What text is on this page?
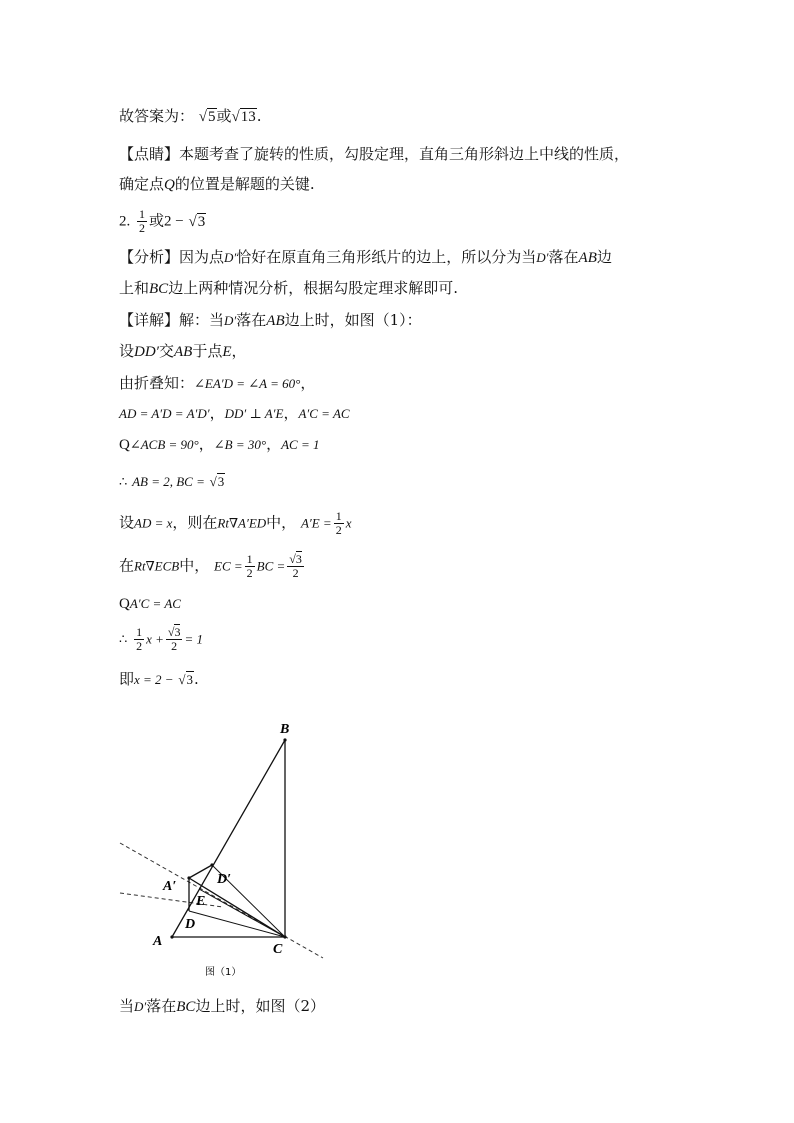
故答案为： √5或√13.
【点睛】本题考查了旋转的性质，勾股定理，直角三角形斜边上中线的性质，
确定点Q的位置是解题的关键.
2. $\frac{1}{2}$ 或2 − √3
【分析】因为点D′恰好在原直角三角形纸片的边上，所以分为当D′落在AB边
上和BC边上两种情况分析，根据勾股定理求解即可.
【详解】解：当D′落在AB边上时，如图（1）：
设DD′交AB于点E，
由折叠知：∠EA′D = ∠A = 60°，
AD = A′D = A′D′，DD′ ⊥ A′E，A′C = AC
Q∠ACB = 90°，∠B = 30°，AC = 1
∴ AB = 2, BC = √3
设AD = x，则在Rt∇A′ED中， $A'E = \frac{1}{2}$ x
在Rt∇ECB中， EC = $\frac{1}{2}$ BC = $\frac{√3}{2}$
QA′C = AC
∴ $\frac{1}{2}$ $x + \frac{√3}{2} = 1$
即x = 2 − √3.
B
A
C
D
E
A′	D′
图（1）
当D′落在BC边上时，如图（2）
